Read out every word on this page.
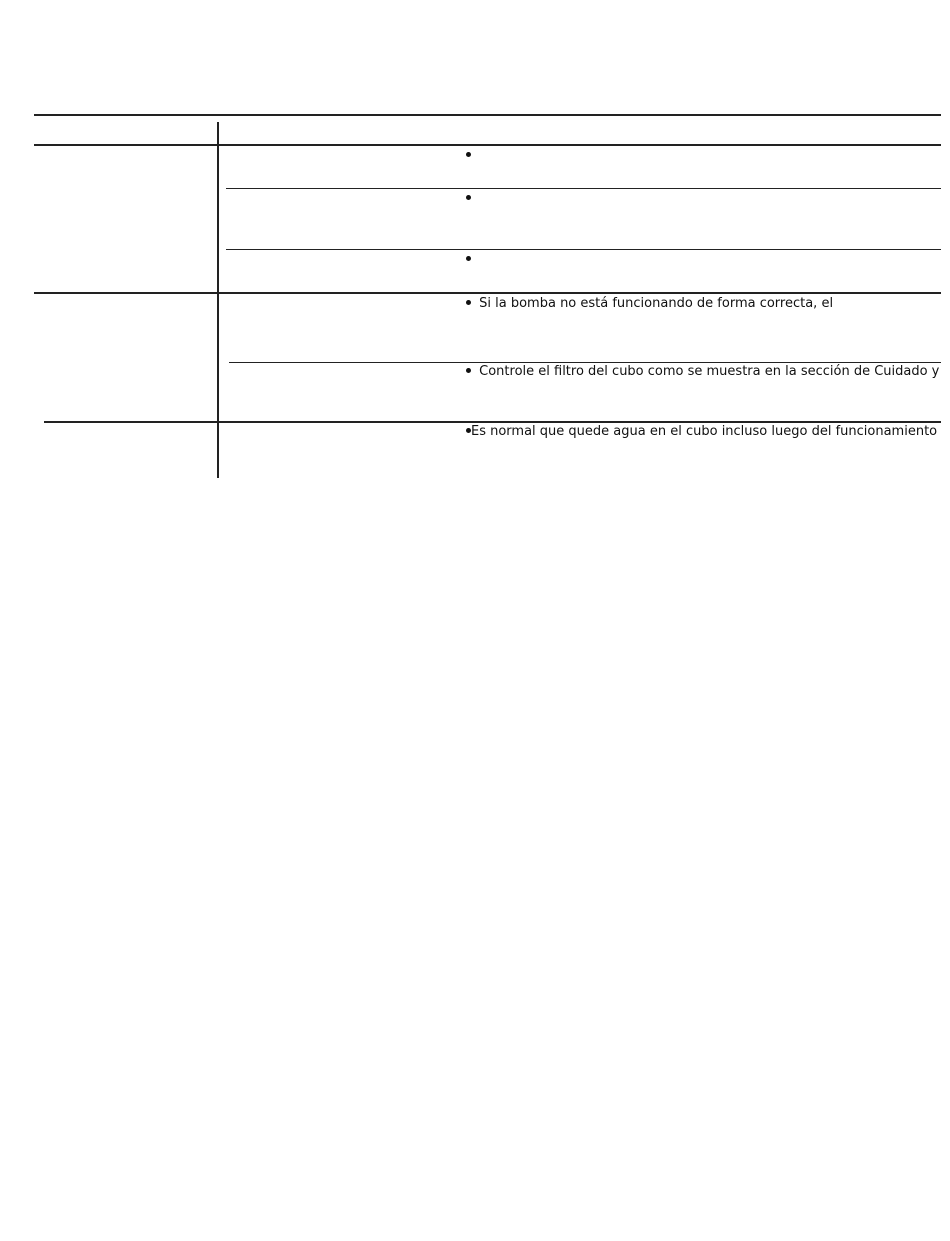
Si la bomba no está funcionando de forma correcta, el
Controle el filtro del cubo como se muestra en la sección de Cuidado y
Es normal que quede agua en el cubo incluso luego del funcionamiento
